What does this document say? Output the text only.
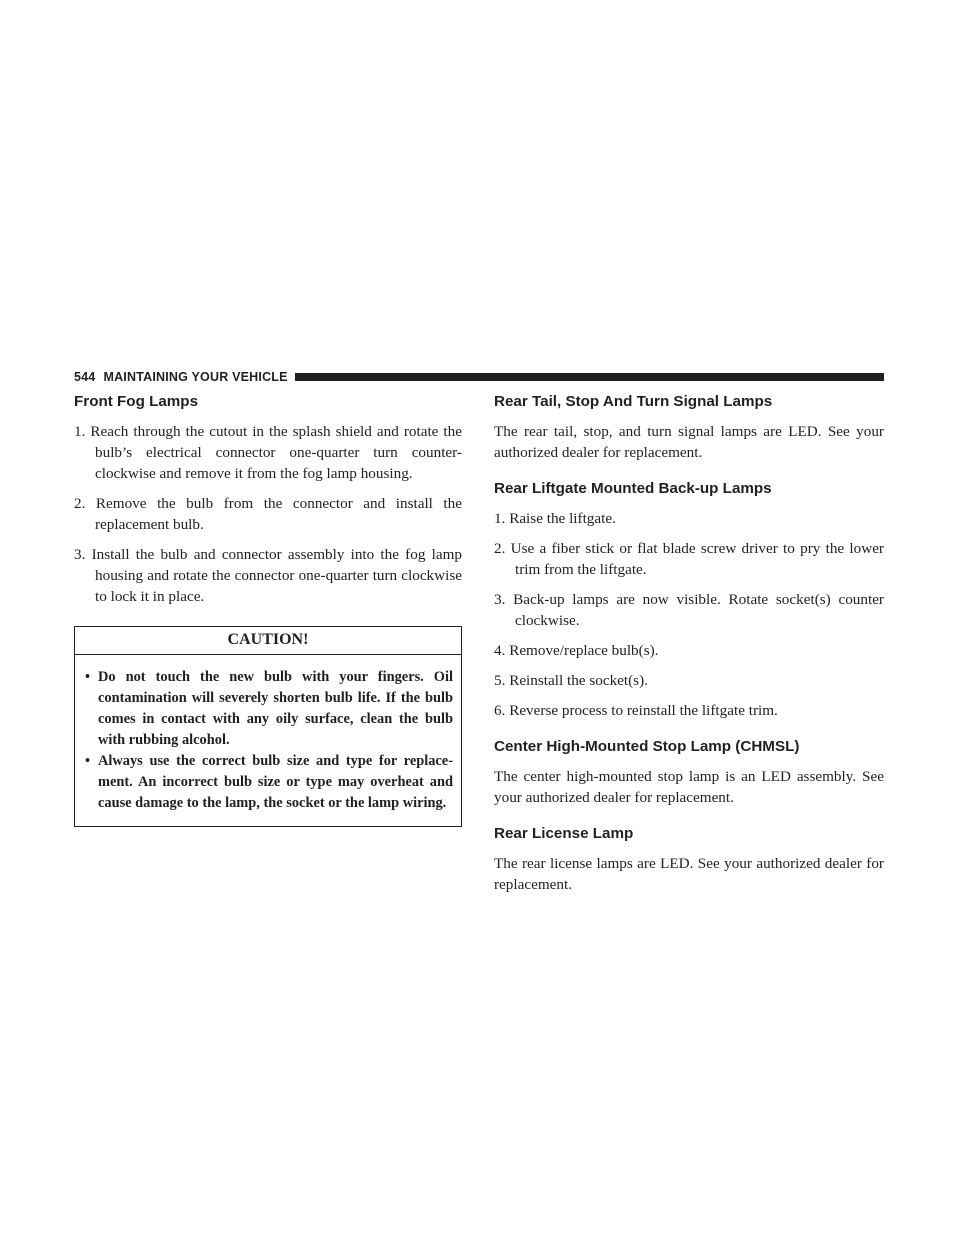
544 MAINTAINING YOUR VEHICLE
Front Fog Lamps
1. Reach through the cutout in the splash shield and rotate the bulb’s electrical connector one-quarter turn counter-clockwise and remove it from the fog lamp housing.
2. Remove the bulb from the connector and install the replacement bulb.
3. Install the bulb and connector assembly into the fog lamp housing and rotate the connector one-quarter turn clockwise to lock it in place.
CAUTION!
• Do not touch the new bulb with your fingers. Oil contamination will severely shorten bulb life. If the bulb comes in contact with any oily surface, clean the bulb with rubbing alcohol.
• Always use the correct bulb size and type for replace-ment. An incorrect bulb size or type may overheat and cause damage to the lamp, the socket or the lamp wiring.
Rear Tail, Stop And Turn Signal Lamps

The rear tail, stop, and turn signal lamps are LED. See your authorized dealer for replacement.

Rear Liftgate Mounted Back-up Lamps
1. Raise the liftgate.
2. Use a fiber stick or flat blade screw driver to pry the lower trim from the liftgate.
3. Back-up lamps are now visible. Rotate socket(s) counter clockwise.
4. Remove/replace bulb(s).
5. Reinstall the socket(s).
6. Reverse process to reinstall the liftgate trim.
Center High-Mounted Stop Lamp (CHMSL)

The center high-mounted stop lamp is an LED assembly. See your authorized dealer for replacement.

Rear License Lamp

The rear license lamps are LED. See your authorized dealer for replacement.
